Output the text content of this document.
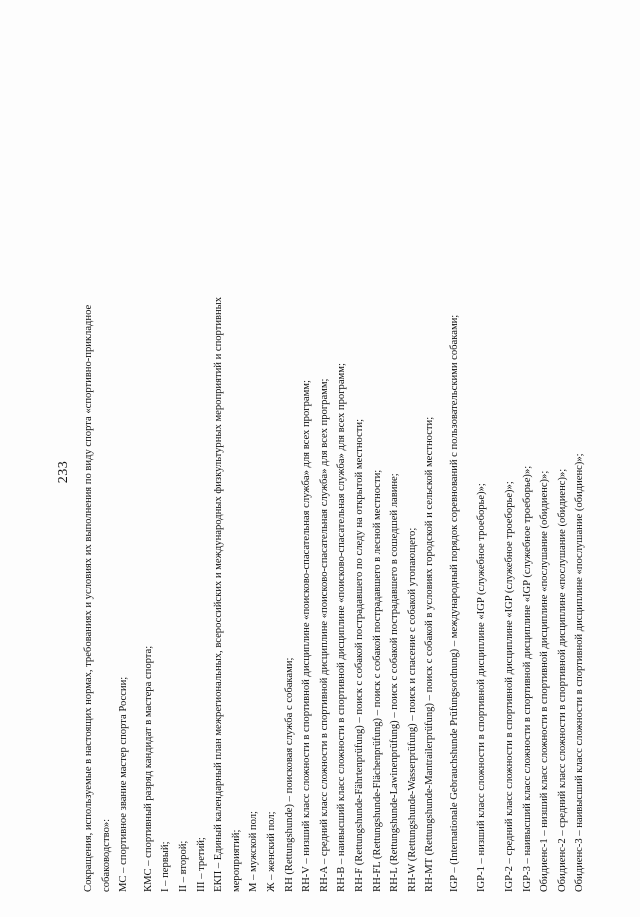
233 Сокращения, используемые в настоящих нормах, требованиях и условиях их выполнения по виду спорта «спортивно-прикладное собаководство»: МС – спортивное звание мастер спорта России;	КМС – спортивный разряд кандидат в мастера спорта; I – первый; II – второй; III – третий; ЕКП – Единый календарный план межрегиональных, всероссийских и международных физкультурных мероприятий и спортивных мероприятий; М – мужской пол; Ж – женский пол; RH (Rettungshunde) – поисковая служба с собаками; RH-V – низший класс сложности в спортивной дисциплине «поисково-спасательная служба» для всех программ; RH-A – средний класс сложности в спортивной дисциплине «поисково-спасательная служба» для всех программ; RH-B – наивысший класс сложности в спортивной дисциплине «поисково-спасательная служба» для всех программ; RH-F (Rettungshunde-Fährtenprüfung) – поиск с собакой пострадавшего по следу на открытой местности; RH-FL (Rettungshunde-Flächenprüfung) – поиск с собакой пострадавшего в лесной местности; RH-L (Rettungshunde-Lawinenprüfung) – поиск с собакой пострадавшего в сошедшей лавине; RH-W (Rettungshunde-Wasserprüfung) – поиск и спасение с собакой утопающего; RH-MT (Rettungshunde-Mantrailerprüfung) – поиск с собакой в условиях городской и сельской местности;	IGP – (Internationale Gebrauchshunde Prüfungsordnung) – международный порядок соревнований с пользовательскими собаками;	IGP-1 – низший класс сложности в спортивной дисциплине «IGP (служебное троеборье)»;	IGP-2 – средний класс сложности в спортивной дисциплине «IGP (служебное троеборье)»; IGP-3 – наивысший класс сложности в спортивной дисциплине «IGP (служебное троеборье)»; Обидиенс-1 – низший класс сложности в спортивной дисциплине «послушание (обидиенс)»; Обидиенс-2 – средний класс сложности в спортивной дисциплине «послушание (обидиенс)»; Обидиенс-3 – наивысший класс сложности в спортивной дисциплине «послушание (обидиенс)»;
